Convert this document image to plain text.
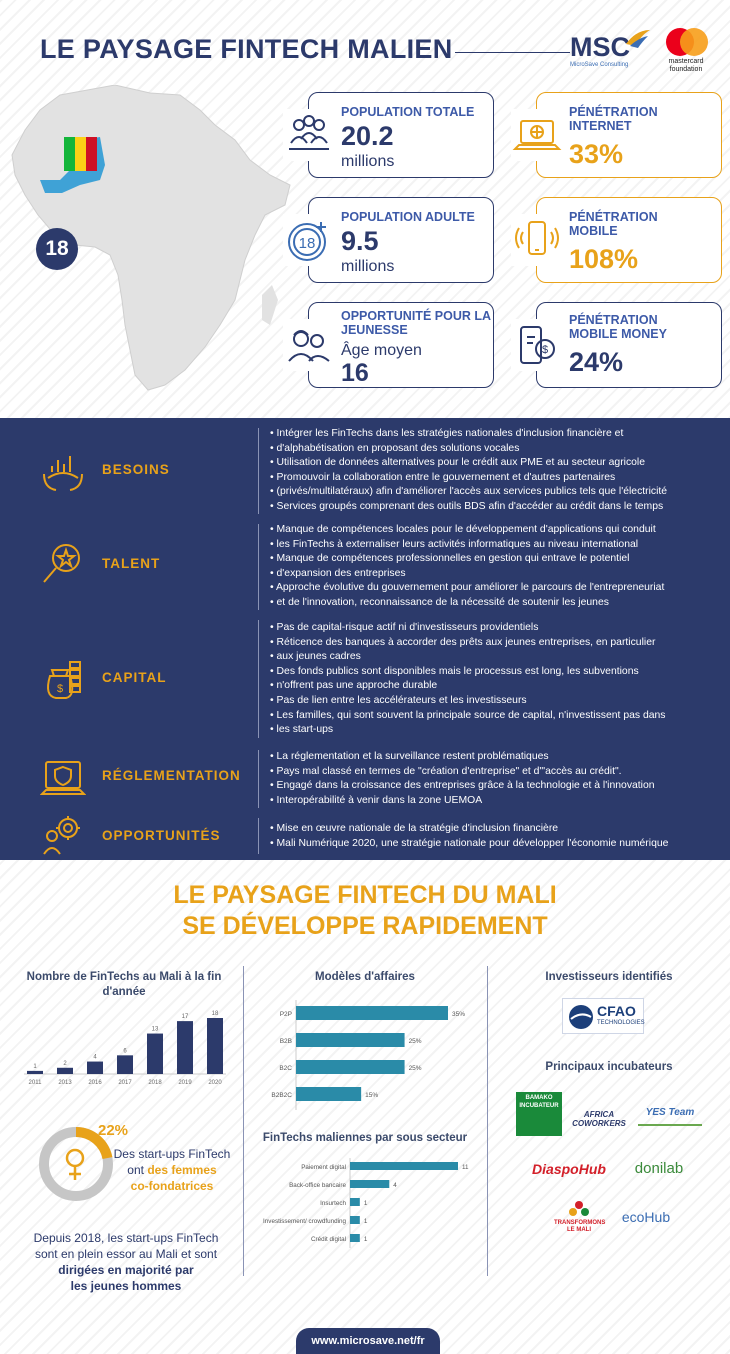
LE PAYSAGE FINTECH MALIEN	MSC
MicroSave Consulting	mastercard foundation
18
POPULATION TOTALE
20.2
millions
PÉNÉTRATION INTERNET
33%
18
POPULATION ADULTE
9.5
millions
PÉNÉTRATION MOBILE
108%
OPPORTUNITÉ POUR LA JEUNESSE
Âge moyen
16
$
PÉNÉTRATION MOBILE MONEY
24%
BESOINS
• Intégrer les FinTechs dans les stratégies nationales d'inclusion financière et
• d'alphabétisation en proposant des solutions vocales
• Utilisation de données alternatives pour le crédit aux PME et au secteur agricole
• Promouvoir la collaboration entre le gouvernement et d'autres partenaires
• (privés/multilatéraux) afin d'améliorer l'accès aux services publics tels que l'électricité
• Services groupés comprenant des outils BDS afin d'accéder au crédit dans le temps
TALENT
• Manque de compétences locales pour le développement d'applications qui conduit
• les FinTechs à externaliser leurs activités informatiques au niveau international
• Manque de compétences professionnelles en gestion qui entrave le potentiel
• d'expansion des entreprises
• Approche évolutive du gouvernement pour améliorer le parcours de l'entrepreneuriat
• et de l'innovation, reconnaissance de la nécessité de soutenir les jeunes
$
CAPITAL
• Pas de capital-risque actif ni d'investisseurs providentiels
• Réticence des banques à accorder des prêts aux jeunes entreprises, en particulier
• aux jeunes cadres
• Des fonds publics sont disponibles mais le processus est long, les subventions
• n'offrent pas une approche durable
• Pas de lien entre les accélérateurs et les investisseurs
• Les familles, qui sont souvent la principale source de capital, n'investissent pas dans
• les start-ups
RÉGLEMENTATION
• La réglementation et la surveillance restent problématiques
• Pays mal classé en termes de "création d'entreprise" et d'"accès au crédit".
• Engagé dans la croissance des entreprises grâce à la technologie et à l'innovation
• Interopérabilité à venir dans la zone UEMOA
OPPORTUNITÉS	• Mise en œuvre nationale de la stratégie d'inclusion financière
• Mali Numérique 2020, une stratégie nationale pour développer l'économie numérique
LE PAYSAGE FINTECH DU MALI
SE DÉVELOPPE RAPIDEMENT
Nombre de FinTechs au Mali à la fin d'année
1
2011
2
2013
4
2016
6
2017
13
2018
17
2019
18
2020
Modèles d'affaires
P2P	35%
B2B	25%
B2C	25%
B2B2C	15%
FinTechs maliennes par sous secteur
Paiement digital	11
Back-office bancaire	4
Insurtech	1
Investissement/ crowdfunding	1
Crédit digital	1
22%
Des start-ups FinTech
ont des femmes
co-fondatrices
Depuis 2018, les start-ups FinTech
sont en plein essor au Mali et sont
dirigées en majorité par
les jeunes hommes
Investisseurs identifiés
CFAO
TECHNOLOGIES
Principaux incubateurs
BAMAKO INCUBATEUR
AFRICA COWORKERS
YES Team
DiaspoHub	donilab
TRANSFORMONS LE MALI
ecoHub
www.microsave.net/fr
